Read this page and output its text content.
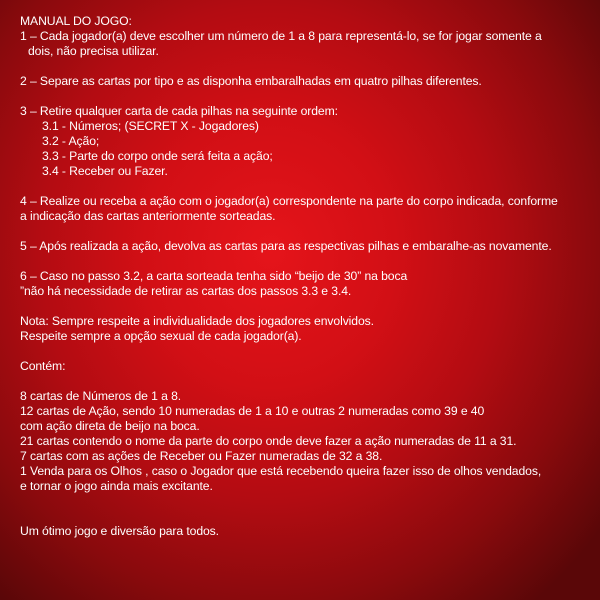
MANUAL DO JOGO:

1 – Cada jogador(a) deve escolher um número de 1 a 8 para representá-lo, se for jogar somente a

dois, não precisa utilizar.

2 – Separe as cartas por tipo e as disponha embaralhadas em quatro pilhas diferentes.

3 – Retire qualquer carta de cada pilhas na seguinte ordem:

3.1 - Números; (SECRET X - Jogadores)

3.2 - Ação;

3.3 - Parte do corpo onde será feita a ação;

3.4 - Receber ou Fazer.

4 – Realize ou receba a ação com o jogador(a) correspondente na parte do corpo indicada, conforme

a indicação das cartas anteriormente sorteadas.

5 – Após realizada a ação, devolva as cartas para as respectivas pilhas e embaralhe-as novamente.

6 – Caso no passo 3.2, a carta sorteada tenha sido “beijo de 30” na boca

”não há necessidade de retirar as cartas dos passos 3.3 e 3.4.

Nota: Sempre respeite a individualidade dos jogadores envolvidos.

Respeite sempre a opção sexual de cada jogador(a).

Contém:

8 cartas de Números de 1 a 8.

12 cartas de Ação, sendo 10 numeradas de 1 a 10 e outras 2 numeradas como 39 e 40

com ação direta de beijo na boca.

21 cartas contendo o nome da parte do corpo onde deve fazer a ação numeradas de 11 a 31.

7 cartas com as ações de Receber ou Fazer numeradas de 32 a 38.

1 Venda para os Olhos , caso o Jogador que está recebendo queira fazer isso de olhos vendados,

e tornar o jogo ainda mais excitante.

Um ótimo jogo e diversão para todos.
